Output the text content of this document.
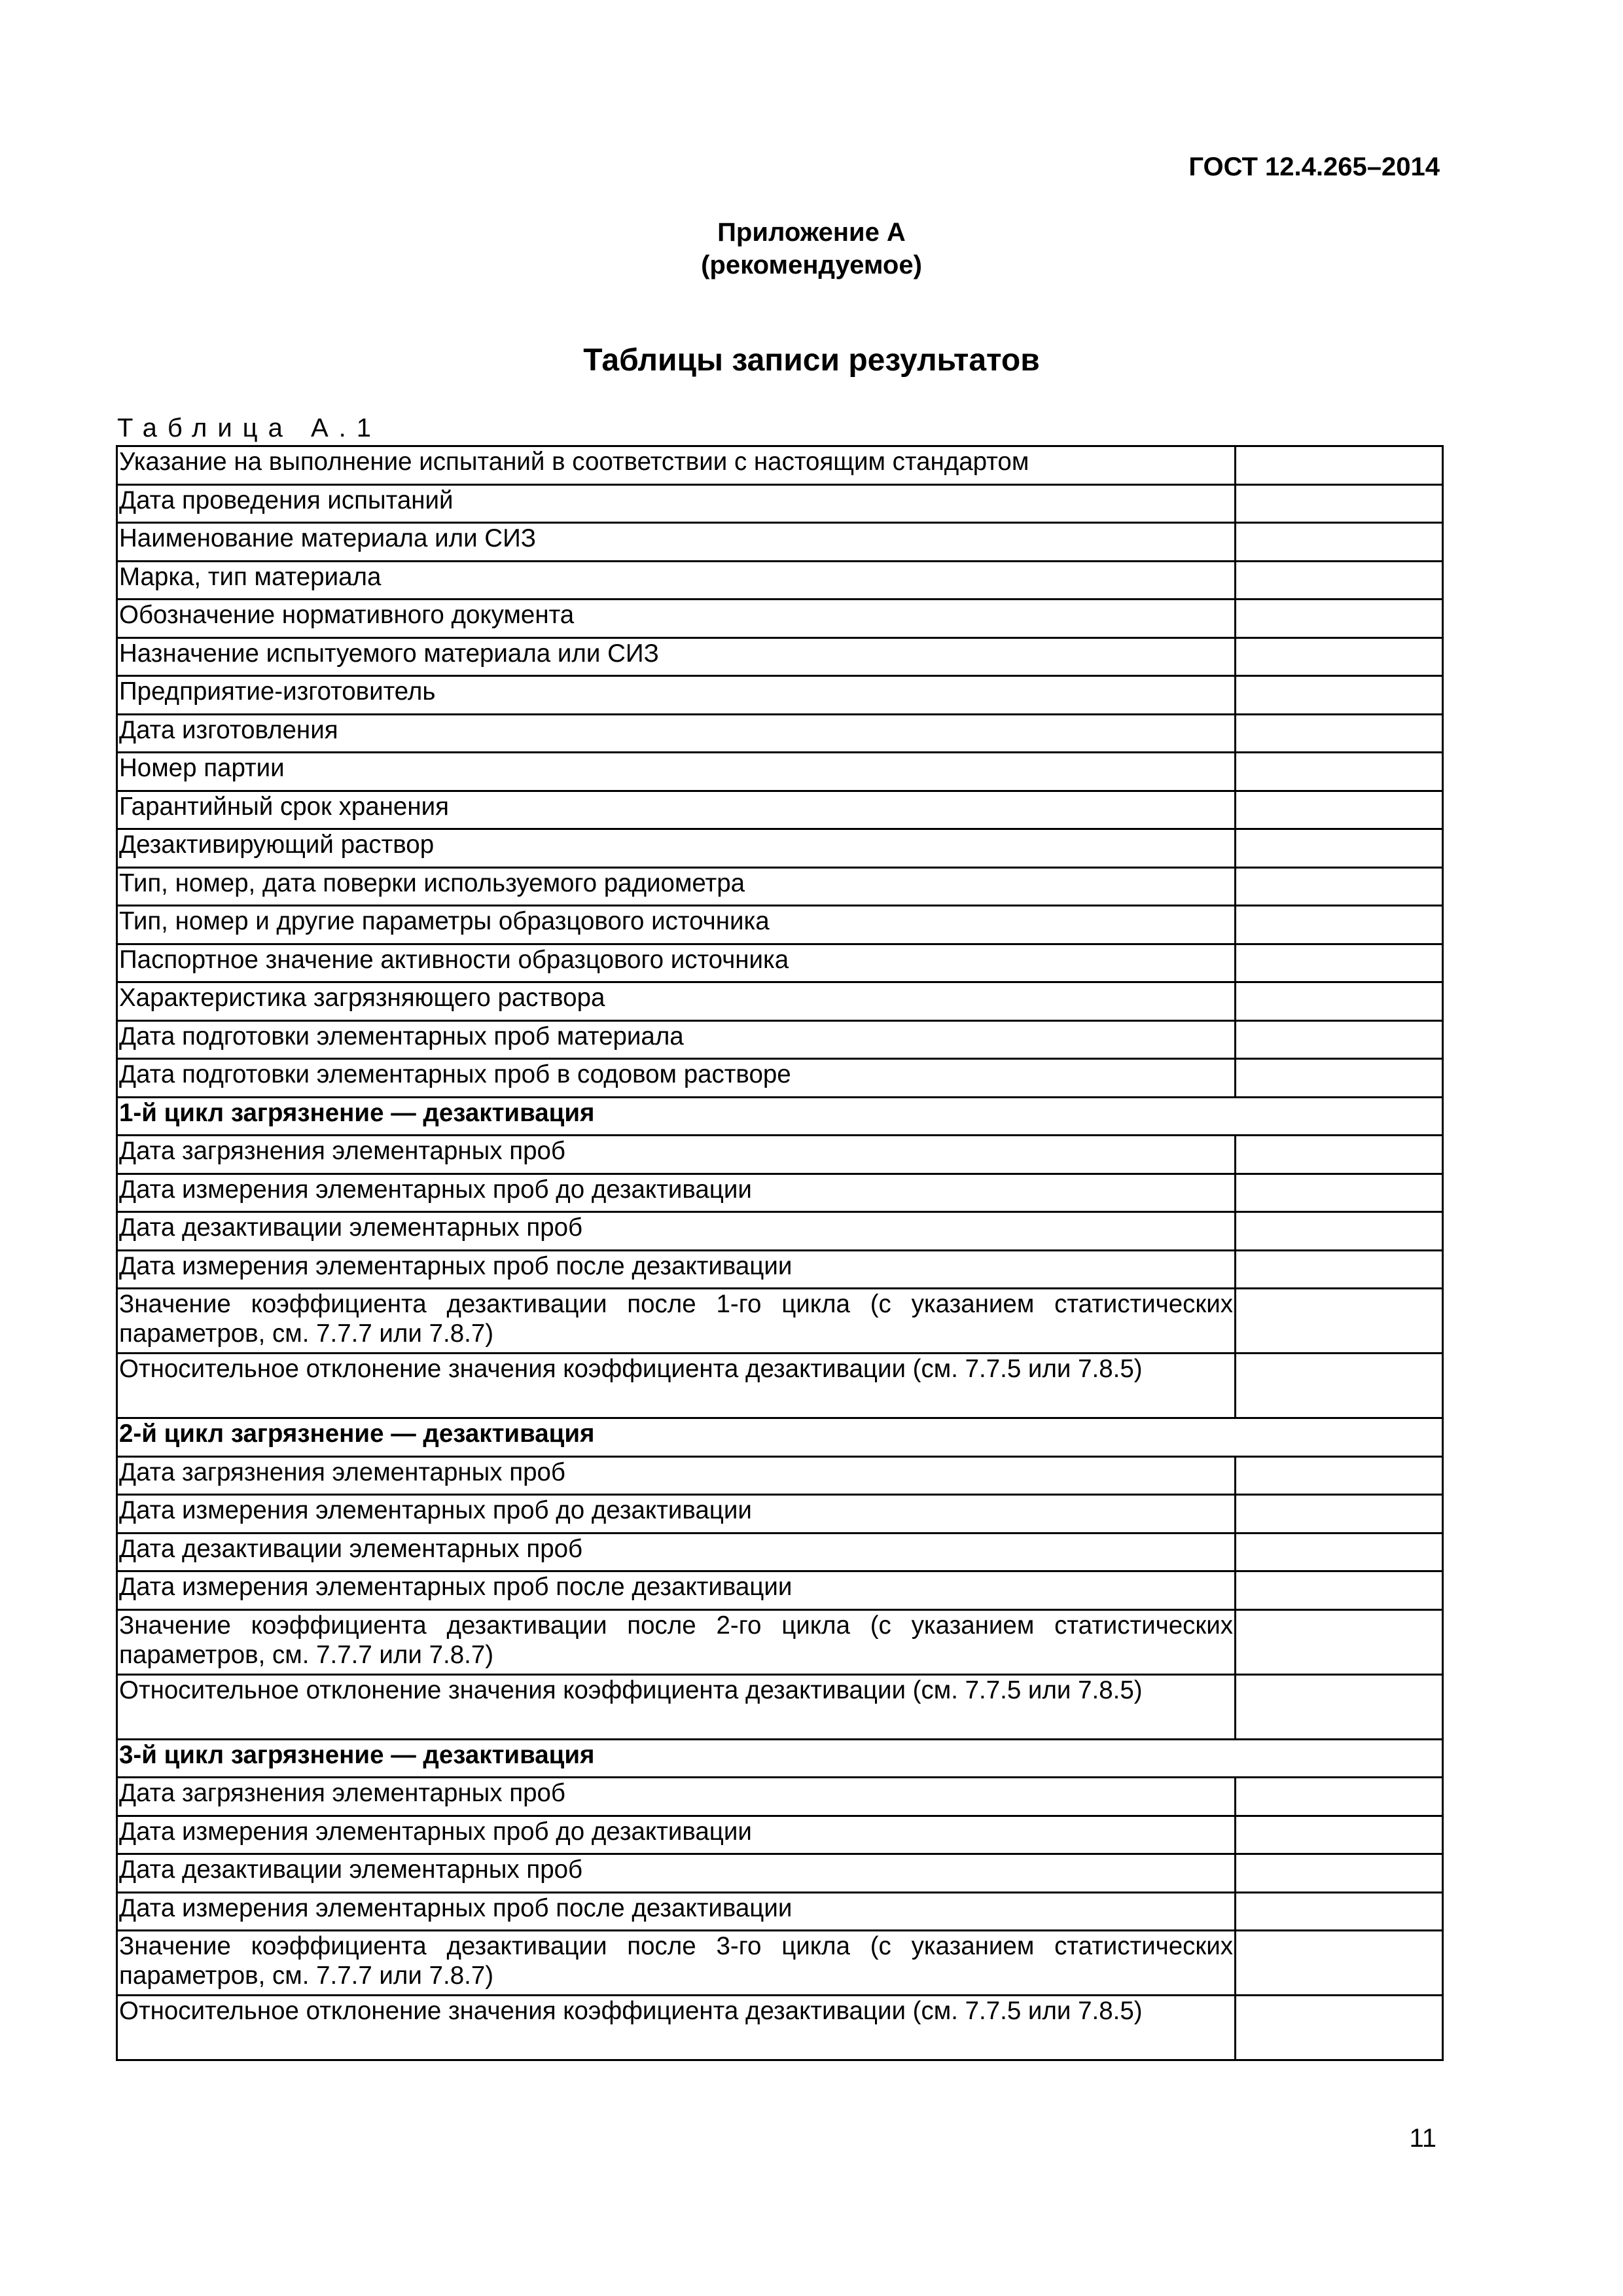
ГОСТ 12.4.265–2014
Приложение А
(рекомендуемое)
Таблицы записи результатов
Таблица А.1
Указание на выполнение испытаний в соответствии с настоящим стандартом	
Дата проведения испытаний	
Наименование материала или СИЗ	
Марка, тип материала	
Обозначение нормативного документа	
Назначение испытуемого материала или СИЗ	
Предприятие-изготовитель	
Дата изготовления	
Номер партии	
Гарантийный срок хранения	
Дезактивирующий раствор	
Тип, номер, дата поверки используемого радиометра	
Тип, номер и другие параметры образцового источника	
Паспортное значение активности образцового источника	
Характеристика загрязняющего раствора	
Дата подготовки элементарных проб материала	
Дата подготовки элементарных проб в содовом растворе	
1-й цикл загрязнение — дезактивация	
Дата загрязнения элементарных проб	
Дата измерения элементарных проб до дезактивации	
Дата дезактивации элементарных проб	
Дата измерения элементарных проб после дезактивации	
Значение коэффициента дезактивации после 1-го цикла (с указанием статистических параметров, см. 7.7.7 или 7.8.7)	
Относительное отклонение значения коэффициента дезактивации (см. 7.7.5 или 7.8.5)	
2-й цикл загрязнение — дезактивация	
Дата загрязнения элементарных проб	
Дата измерения элементарных проб до дезактивации	
Дата дезактивации элементарных проб	
Дата измерения элементарных проб после дезактивации	
Значение коэффициента дезактивации после 2-го цикла (с указанием статистических параметров, см. 7.7.7 или 7.8.7)	
Относительное отклонение значения коэффициента дезактивации (см. 7.7.5 или 7.8.5)	
3-й цикл загрязнение — дезактивация	
Дата загрязнения элементарных проб	
Дата измерения элементарных проб до дезактивации	
Дата дезактивации элементарных проб	
Дата измерения элементарных проб после дезактивации	
Значение коэффициента дезактивации после 3-го цикла (с указанием статистических параметров, см. 7.7.7 или 7.8.7)	
Относительное отклонение значения коэффициента дезактивации (см. 7.7.5 или 7.8.5)	
11
